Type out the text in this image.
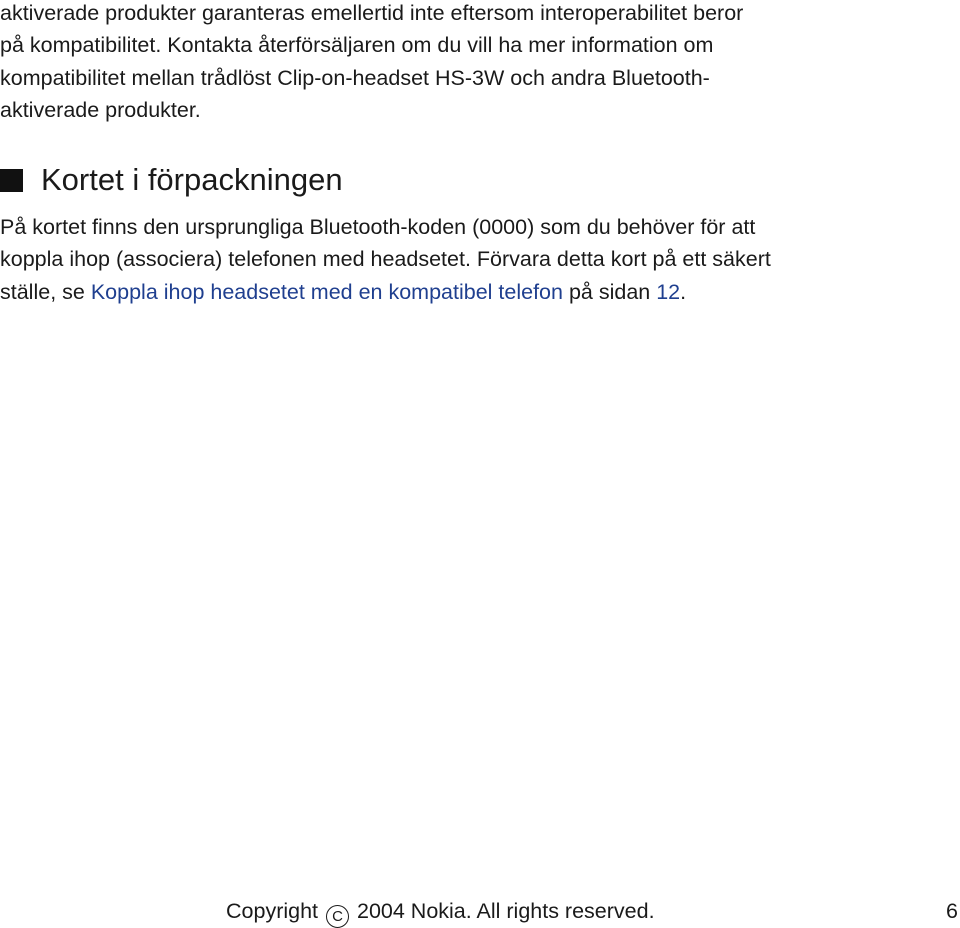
aktiverade produkter garanteras emellertid inte eftersom interoperabilitet beror
på kompatibilitet. Kontakta återförsäljaren om du vill ha mer information om
kompatibilitet mellan trådlöst Clip-on-headset HS-3W och andra Bluetooth-
aktiverade produkter.

Kortet i förpackningen

På kortet finns den ursprungliga Bluetooth-koden (0000) som du behöver för att
koppla ihop (associera) telefonen med headsetet. Förvara detta kort på ett säkert
ställe, se Koppla ihop headsetet med en kompatibel telefon på sidan 12.

Copyright C 2004 Nokia. All rights reserved.	6
